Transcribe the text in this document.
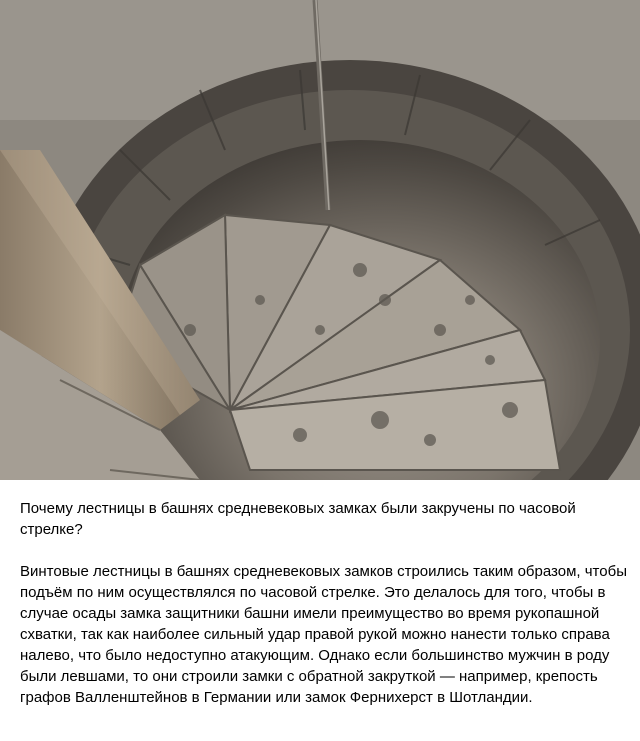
Почему лестницы в башнях средневековых замках были закручены по часовой стрелке?

Винтовые лестницы в башнях средневековых замков строились таким образом, чтобы подъём по ним осуществлялся по часовой стрелке. Это делалось для того, чтобы в случае осады замка защитники башни имели преимущество во время рукопашной схватки, так как наиболее сильный удар правой рукой можно нанести только справа налево, что было недоступно атакующим. Однако если большинство мужчин в роду были левшами, то они строили замки с обратной закруткой — например, крепость графов Валленштейнов в Германии или замок Фернихерст в Шотландии.
